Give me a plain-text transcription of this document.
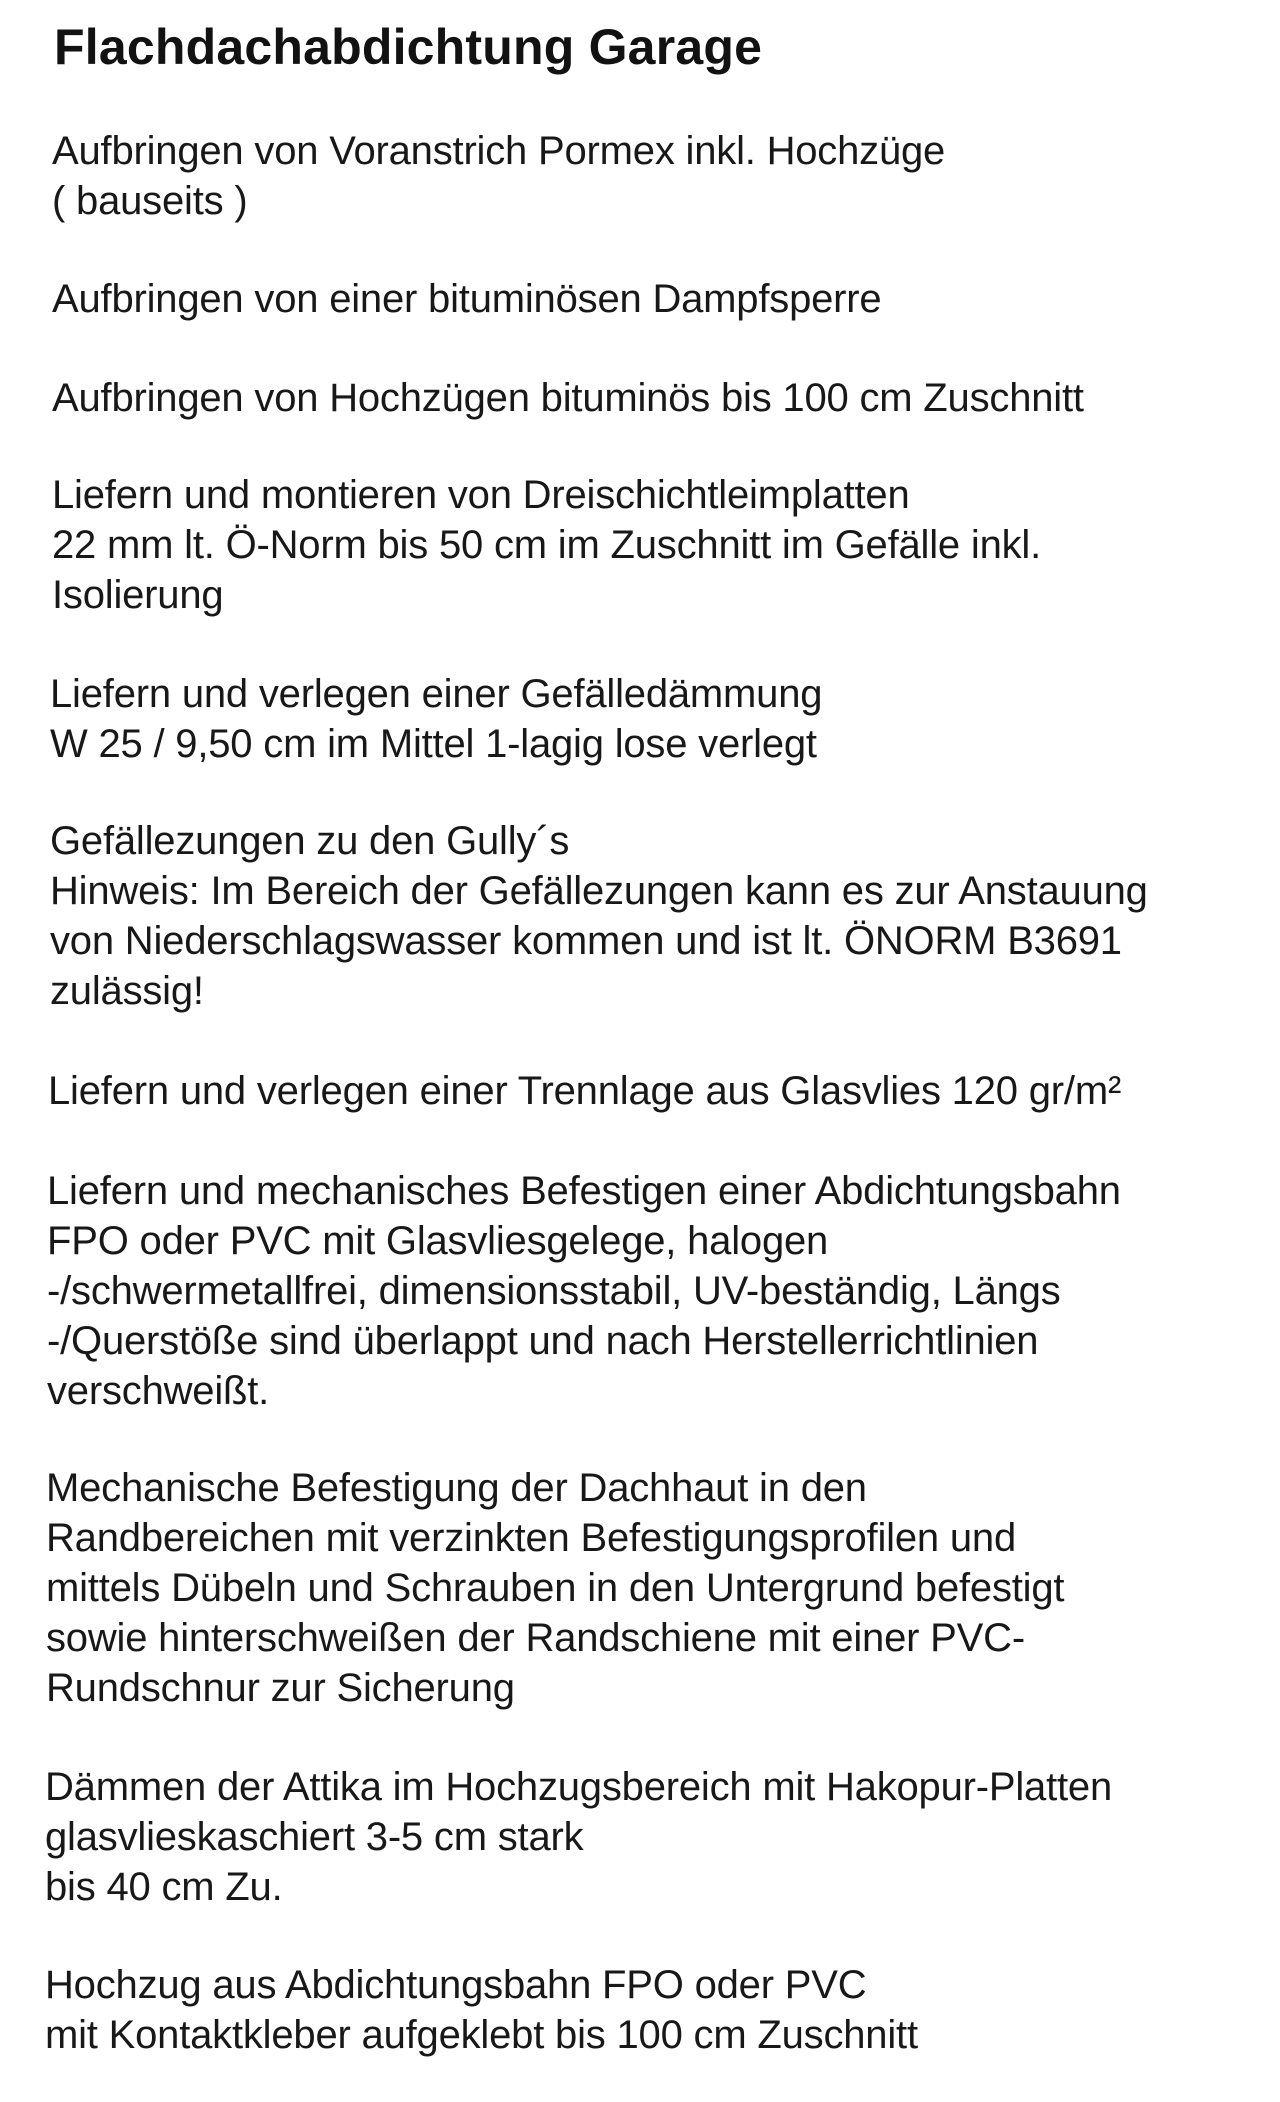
Flachdachabdichtung Garage
Aufbringen von Voranstrich Pormex inkl. Hochzüge
( bauseits )
Aufbringen von einer bituminösen Dampfsperre
Aufbringen von Hochzügen bituminös bis 100 cm Zuschnitt
Liefern und montieren von Dreischichtleimplatten
22 mm lt. Ö-Norm bis 50 cm im Zuschnitt im Gefälle inkl.
Isolierung
Liefern und verlegen einer Gefälledämmung
W 25 / 9,50 cm im Mittel 1-lagig lose verlegt
Gefällezungen zu den Gully´s
Hinweis: Im Bereich der Gefällezungen kann es zur Anstauung
von Niederschlagswasser kommen und ist lt. ÖNORM B3691
zulässig!
Liefern und verlegen einer Trennlage aus Glasvlies 120 gr/m²
Liefern und mechanisches Befestigen einer Abdichtungsbahn
FPO oder PVC mit Glasvliesgelege, halogen
-/schwermetallfrei, dimensionsstabil, UV-beständig, Längs
-/Querstöße sind überlappt und nach Herstellerrichtlinien
verschweißt.
Mechanische Befestigung der Dachhaut in den
Randbereichen mit verzinkten Befestigungsprofilen und
mittels Dübeln und Schrauben in den Untergrund befestigt
sowie hinterschweißen der Randschiene mit einer PVC-
Rundschnur zur Sicherung
Dämmen der Attika im Hochzugsbereich mit Hakopur-Platten
glasvlieskaschiert 3-5 cm stark
bis 40 cm Zu.
Hochzug aus Abdichtungsbahn FPO oder PVC
mit Kontaktkleber aufgeklebt bis 100 cm Zuschnitt
